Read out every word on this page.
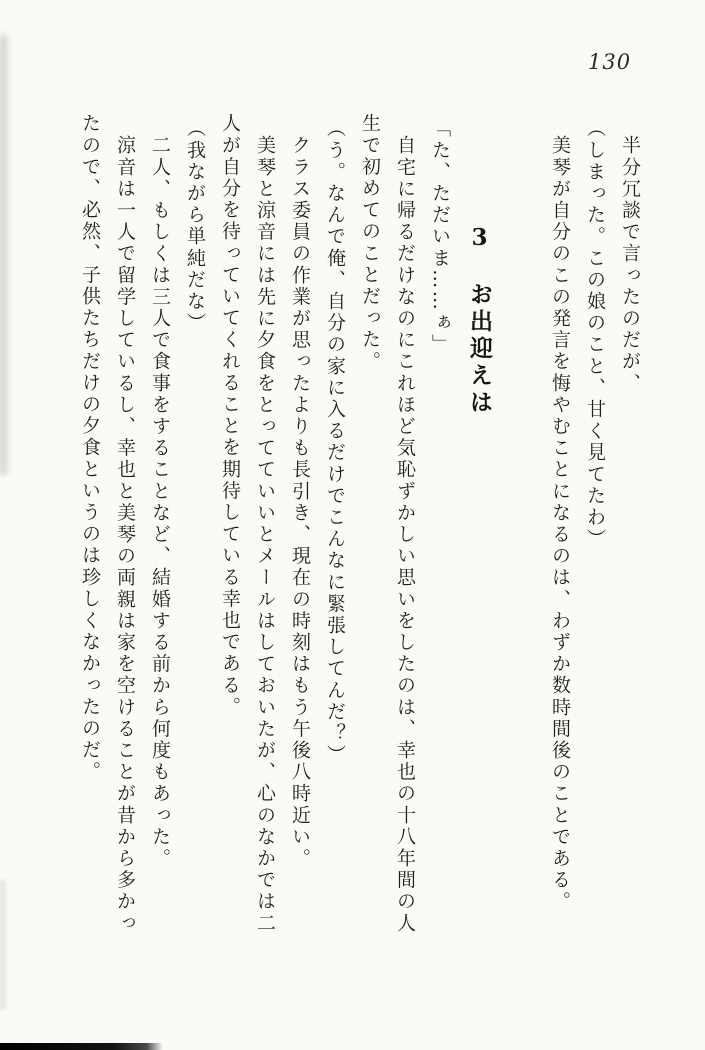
130
半分冗談で言ったのだが、
（しまった。この娘のこと、甘く見てたわ）
美琴が自分のこの発言を悔やむことになるのは、わずか数時間後のことである。
3　お出迎えは
「た、ただいま……ぁ」
自宅に帰るだけなのにこれほど気恥ずかしい思いをしたのは、幸也の十八年間の人
生で初めてのことだった。
（う。なんで俺、自分の家に入るだけでこんなに緊張してんだ？）
クラス委員の作業が思ったよりも長引き、現在の時刻はもう午後八時近い。
美琴と涼音には先に夕食をとってていいとメールはしておいたが、心のなかでは二
人が自分を待っていてくれることを期待している幸也である。
（我ながら単純だな）
二人、もしくは三人で食事をすることなど、結婚する前から何度もあった。
涼音は一人で留学しているし、幸也と美琴の両親は家を空けることが昔から多かっ
たので、必然、子供たちだけの夕食というのは珍しくなかったのだ。
